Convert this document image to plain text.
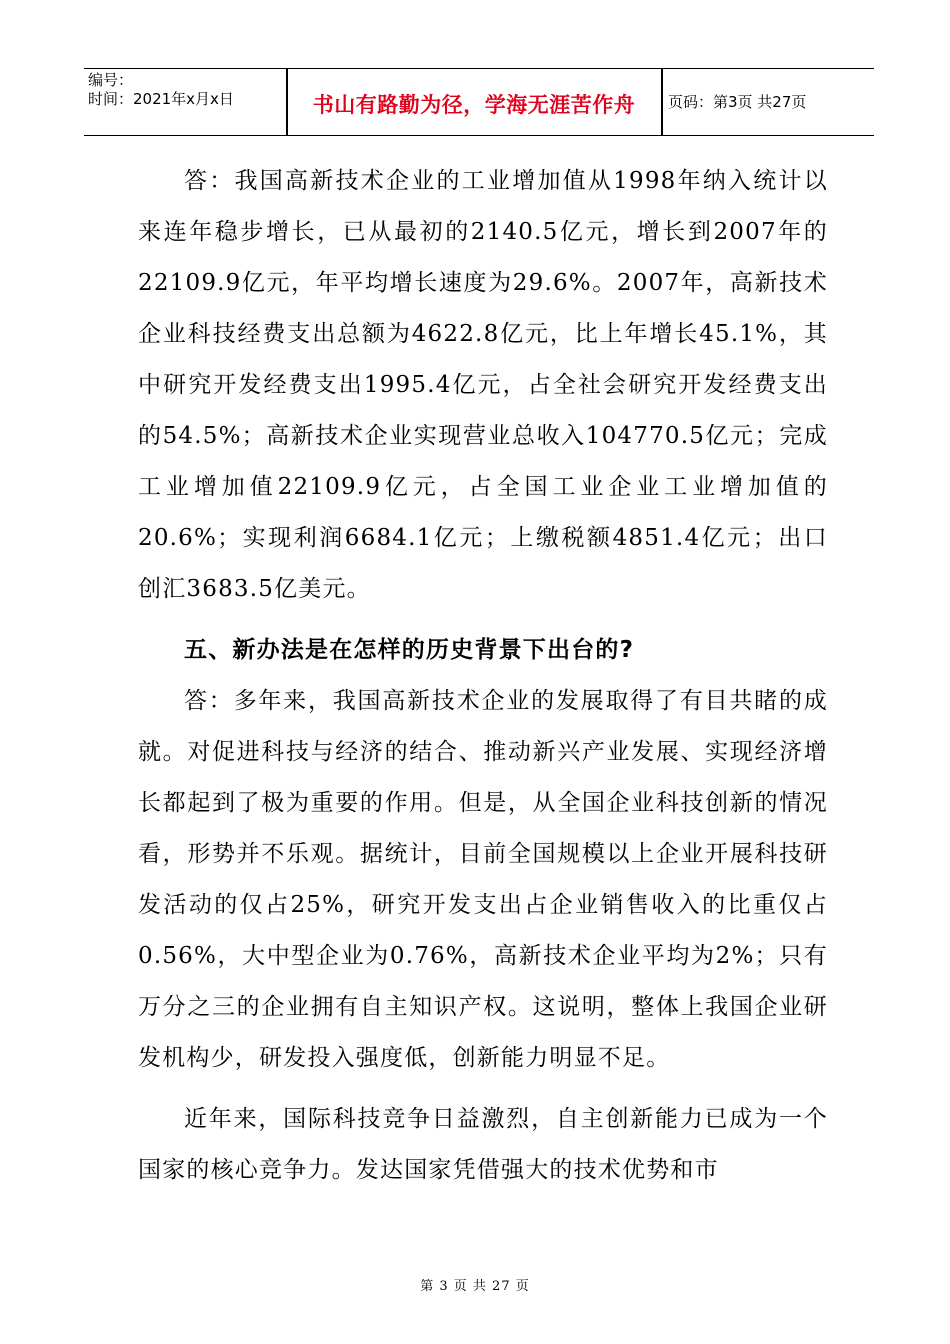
编号：
时间：2021年x月x日	书山有路勤为径，学海无涯苦作舟	页码：第3页 共27页

答：我国高新技术企业的工业增加值从1998年纳入统计以来连年稳步增长，已从最初的2140.5亿元，增长到2007年的22109.9亿元，年平均增长速度为29.6%。2007年，高新技术企业科技经费支出总额为4622.8亿元，比上年增长45.1%，其中研究开发经费支出1995.4亿元，占全社会研究开发经费支出的54.5%；高新技术企业实现营业总收入104770.5亿元；完成工业增加值22109.9亿元，占全国工业企业工业增加值的20.6%；实现利润6684.1亿元；上缴税额4851.4亿元；出口创汇3683.5亿美元。

五、新办法是在怎样的历史背景下出台的?

答：多年来，我国高新技术企业的发展取得了有目共睹的成就。对促进科技与经济的结合、推动新兴产业发展、实现经济增长都起到了极为重要的作用。但是，从全国企业科技创新的情况看，形势并不乐观。据统计，目前全国规模以上企业开展科技研发活动的仅占25%，研究开发支出占企业销售收入的比重仅占0.56%，大中型企业为0.76%，高新技术企业平均为2%；只有万分之三的企业拥有自主知识产权。这说明，整体上我国企业研发机构少，研发投入强度低，创新能力明显不足。

近年来，国际科技竞争日益激烈，自主创新能力已成为一个国家的核心竞争力。发达国家凭借强大的技术优势和市

第 3 页 共 27 页
